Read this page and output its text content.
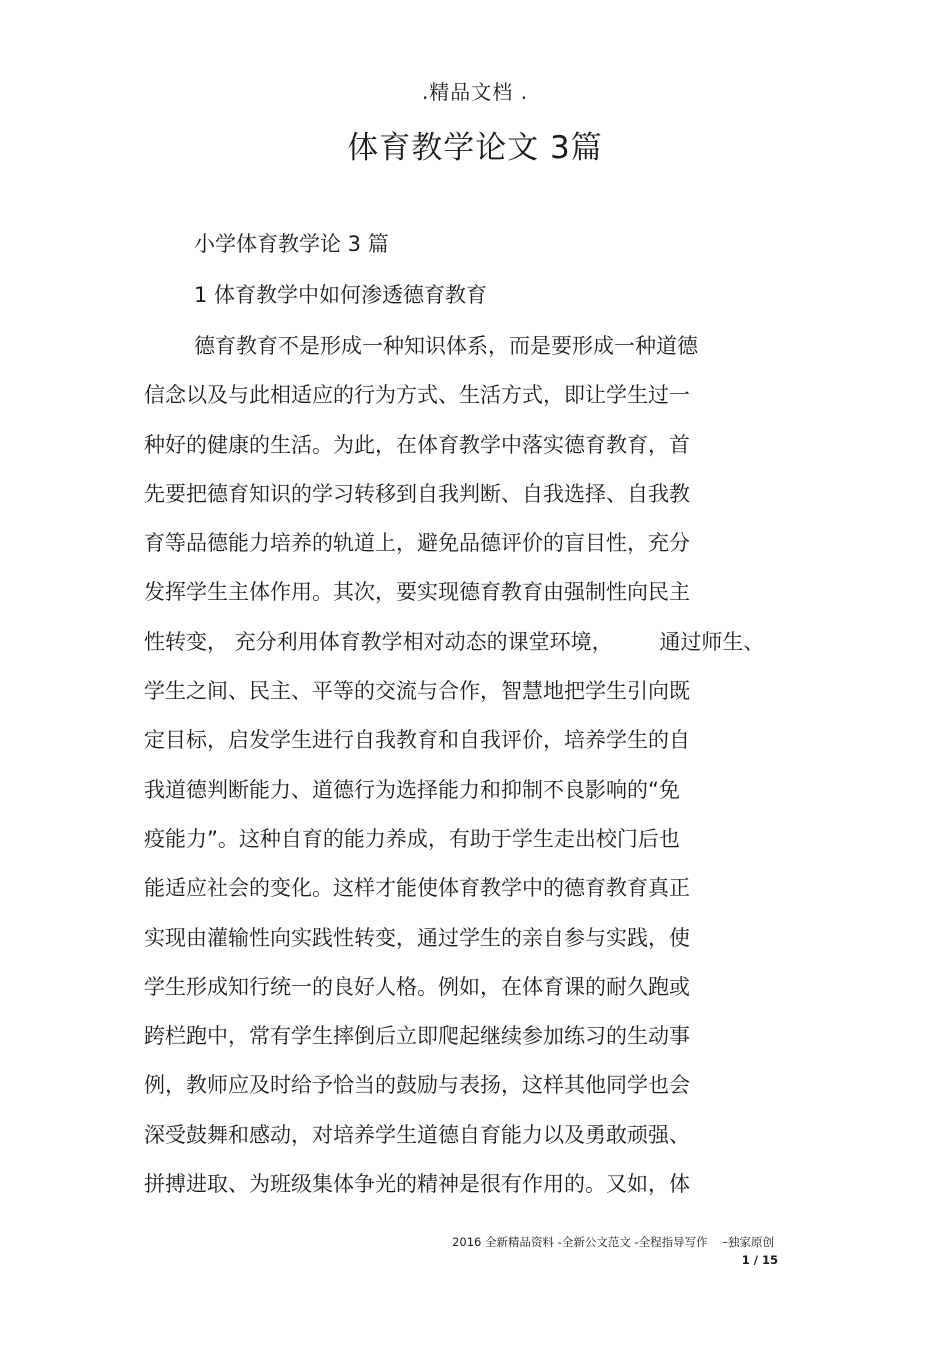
.精品文档 .
体育教学论文 3篇
小学体育教学论 3 篇
1 体育教学中如何渗透德育教育
德育教育不是形成一种知识体系，而是要形成一种道德
信念以及与此相适应的行为方式、生活方式，即让学生过一
种好的健康的生活。为此，在体育教学中落实德育教育，首
先要把德育知识的学习转移到自我判断、自我选择、自我教
育等品德能力培养的轨道上，避免品德评价的盲目性，充分
发挥学生主体作用。其次，要实现德育教育由强制性向民主
性转变， 充分利用体育教学相对动态的课堂环境，       通过师生、
学生之间、民主、平等的交流与合作，智慧地把学生引向既
定目标，启发学生进行自我教育和自我评价，培养学生的自
我道德判断能力、道德行为选择能力和抑制不良影响的“免
疫能力”。这种自育的能力养成，有助于学生走出校门后也
能适应社会的变化。这样才能使体育教学中的德育教育真正
实现由灌输性向实践性转变，通过学生的亲自参与实践，使
学生形成知行统一的良好人格。例如，在体育课的耐久跑或
跨栏跑中，常有学生摔倒后立即爬起继续参加练习的生动事
例，教师应及时给予恰当的鼓励与表扬，这样其他同学也会
深受鼓舞和感动，对培养学生道德自育能力以及勇敢顽强、
拼搏进取、为班级集体争光的精神是很有作用的。又如，体
2016 全新精品资料 -全新公文范文 -全程指导写作    –独家原创
1 / 15
